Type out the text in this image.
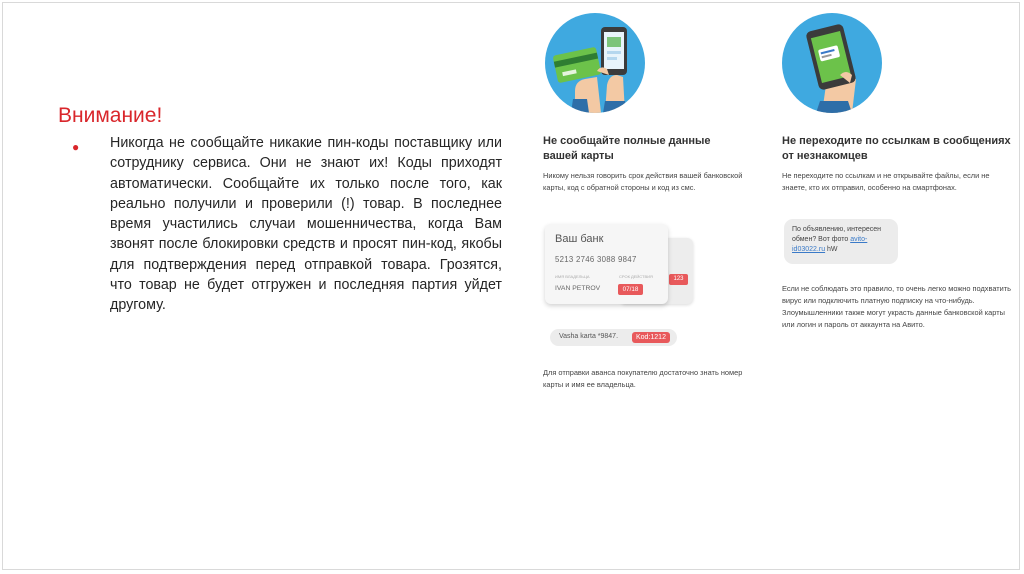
Внимание!
● Никогда не сообщайте никакие пин-коды поставщику или сотруднику сервиса. Они не знают их! Коды приходят автоматически. Сообщайте их только после того, как реально получили и проверили (!) товар. В последнее время участились случаи мошенничества, когда Вам звонят после блокировки средств и просят пин-код, якобы для подтверждения перед отправкой товара. Грозятся, что товар не будет отгружен и последняя партия уйдет другому.
Не сообщайте полные данные вашей карты
Никому нельзя говорить срок действия вашей банковской карты, код с обратной стороны и код из смс.
123
Ваш банк
5213 2746 3088 9847
ИМЯ ВЛАДЕЛЬЦА	СРОК ДЕЙСТВИЯ
IVAN PETROV	07/18
Vasha karta *9847.	Kod:1212
Для отправки аванса покупателю достаточно знать номер карты и имя ее владельца.
Не переходите по ссылкам в сообщениях от незнакомцев
Не переходите по ссылкам и не открывайте файлы, если не знаете, кто их отправил, особенно на смартфонах.
По объявлению, интересен обмен? Вот фото avito-id03022.ru hW
Если не соблюдать это правило, то очень легко можно подхватить вирус или подключить платную подписку на что-нибудь. Злоумышленники также могут украсть данные банковской карты или логин и пароль от аккаунта на Авито.
